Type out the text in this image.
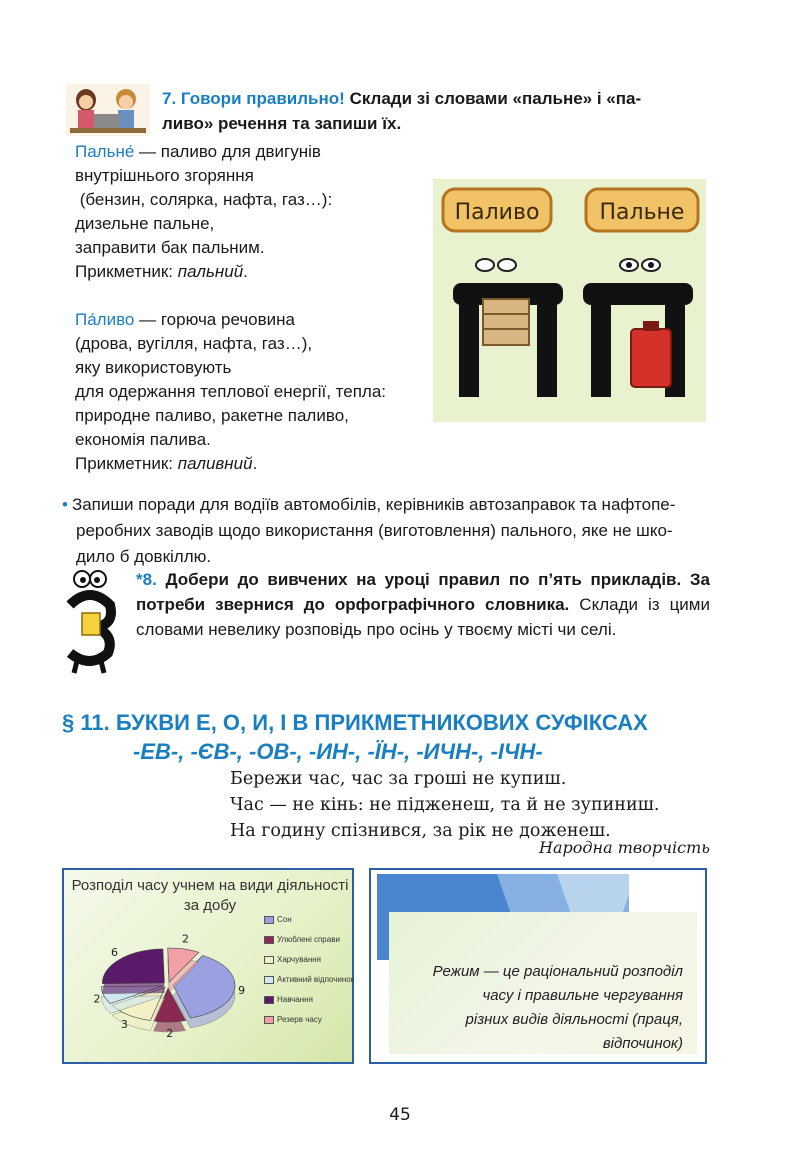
7. Говори правильно! Склади зі словами «пальне» і «па-
ливо» речення та запиши їх.
Пальне́ — паливо для двигунів
внутрішнього згоряння
(бензин, солярка, нафта, газ…):
дизельне пальне,
заправити бак пальним.
Прикметник: пальний.
Па́ливо — горюча речовина
(дрова, вугілля, нафта, газ…),
яку використовують
для одержання теплової енергії, тепла:
природне паливо, ракетне паливо,
економія палива.
Прикметник: паливний.
Паливо	Пальне
• Запиши поради для водіїв автомобілів, керівників автозаправок та нафтопе-
реробних заводів щодо використання (виготовлення) пального, яке не шко-
дило б довкіллю.
*8. Добери до вивчених на уроці правил по п’ять прикладів. За потреби звернися до орфографічного словника. Склади із цими словами невелику розповідь про осінь у твоєму місті чи селі.
§ 11. БУКВИ Е, О, И, І В ПРИКМЕТНИКОВИХ СУФІКСАХ
-ЕВ-, -ЄВ-, -ОВ-, -ИН-, -ЇН-, -ИЧН-, -ІЧН-
Бережи час, час за гроші не купиш.
Час — не кінь: не підженеш, та й не зупиниш.
На годину спізнився, за рік не доженеш.
Народна творчість
Розподіл часу учнем на види діяльності за добу
9
2
3
2
6
2
Сон
Улюблені справи
Харчування
Активний відпочинок
Навчання
Резерв часу
Режим — це раціональний розподіл
часу і правильне чергування
різних видів діяльності (праця,
відпочинок)
45
